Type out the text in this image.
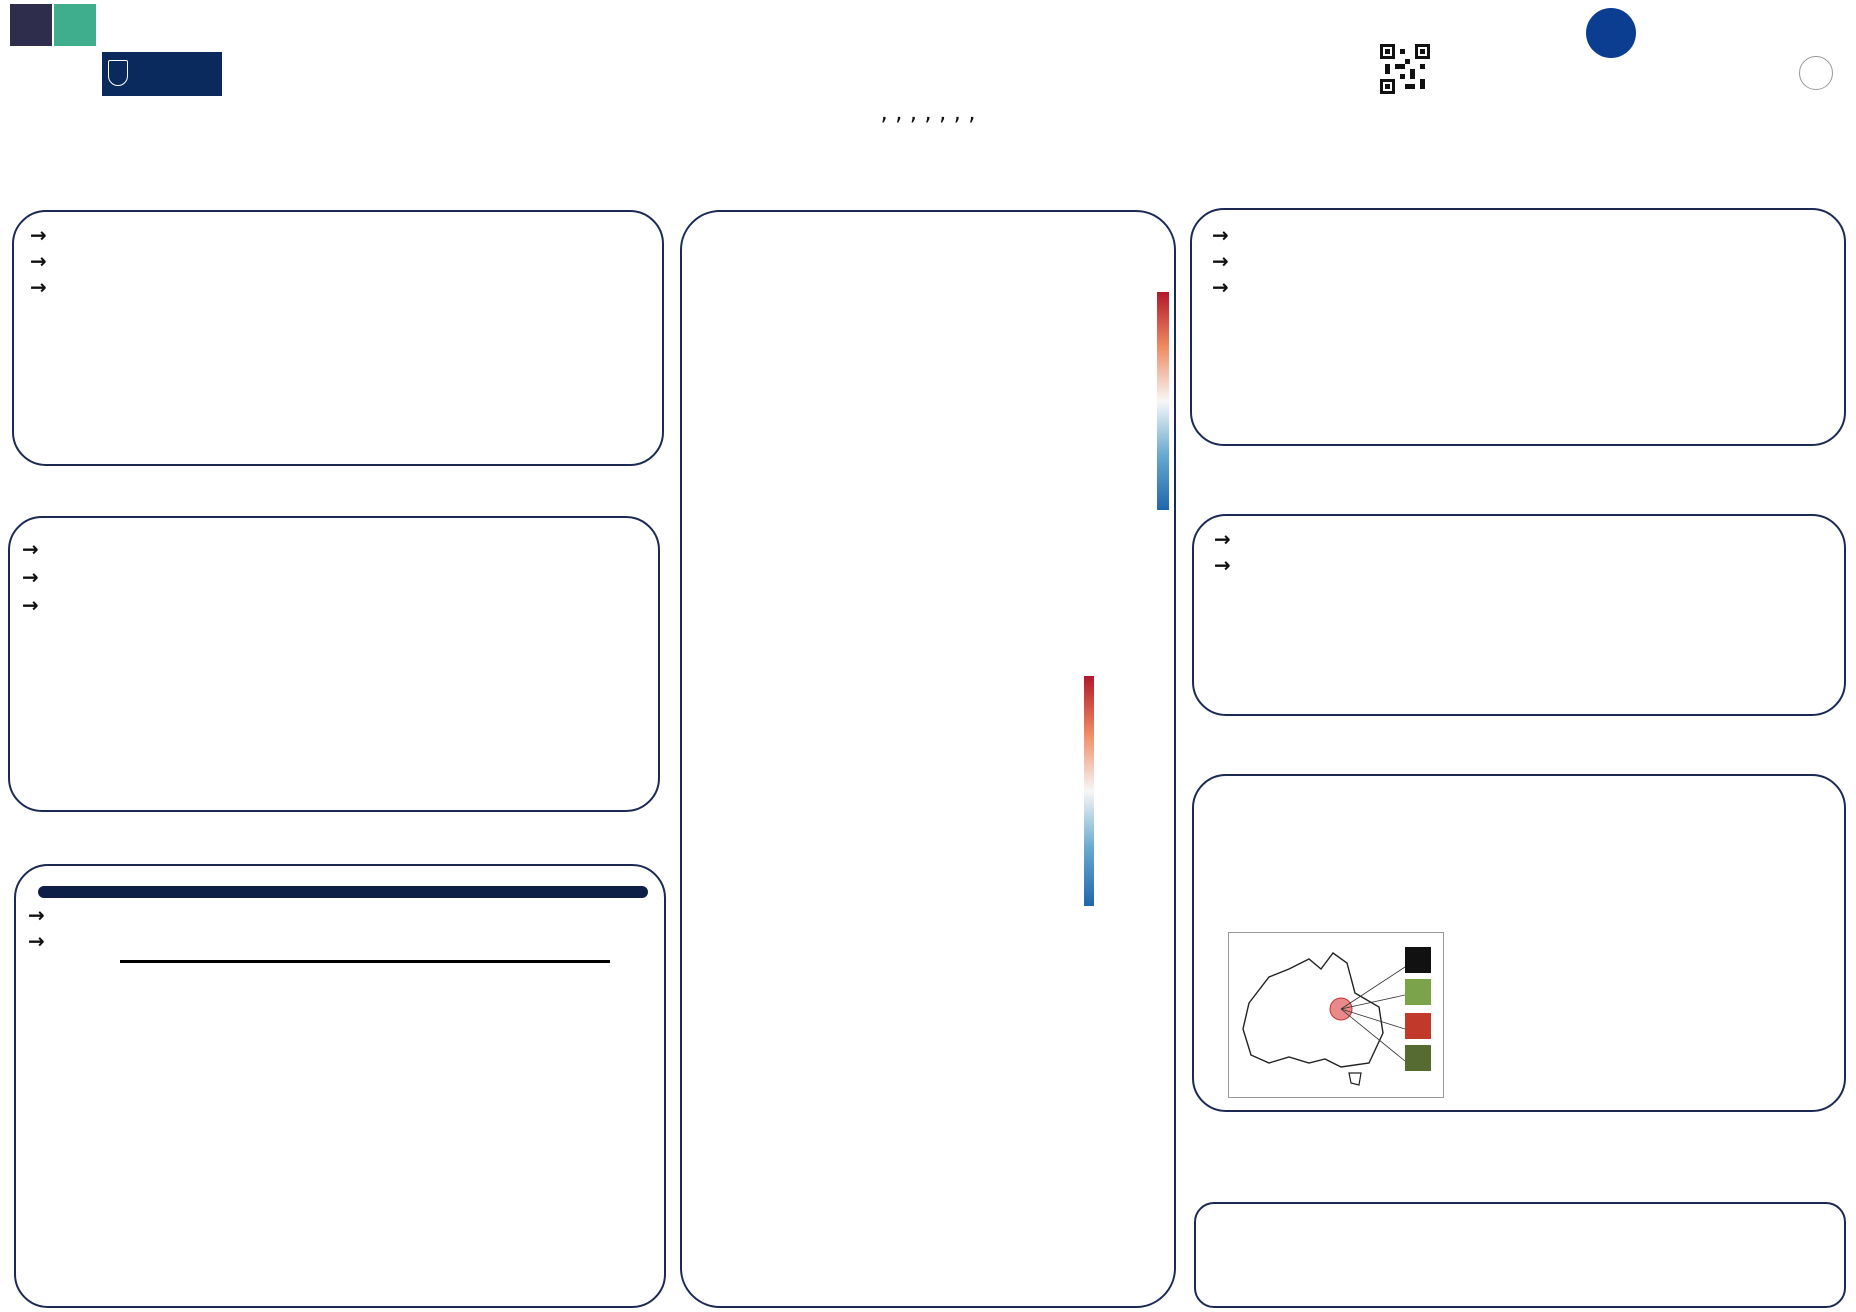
, , , , , , ,
→
→
→
→
→
→
→
→

→
→
→
→
→
